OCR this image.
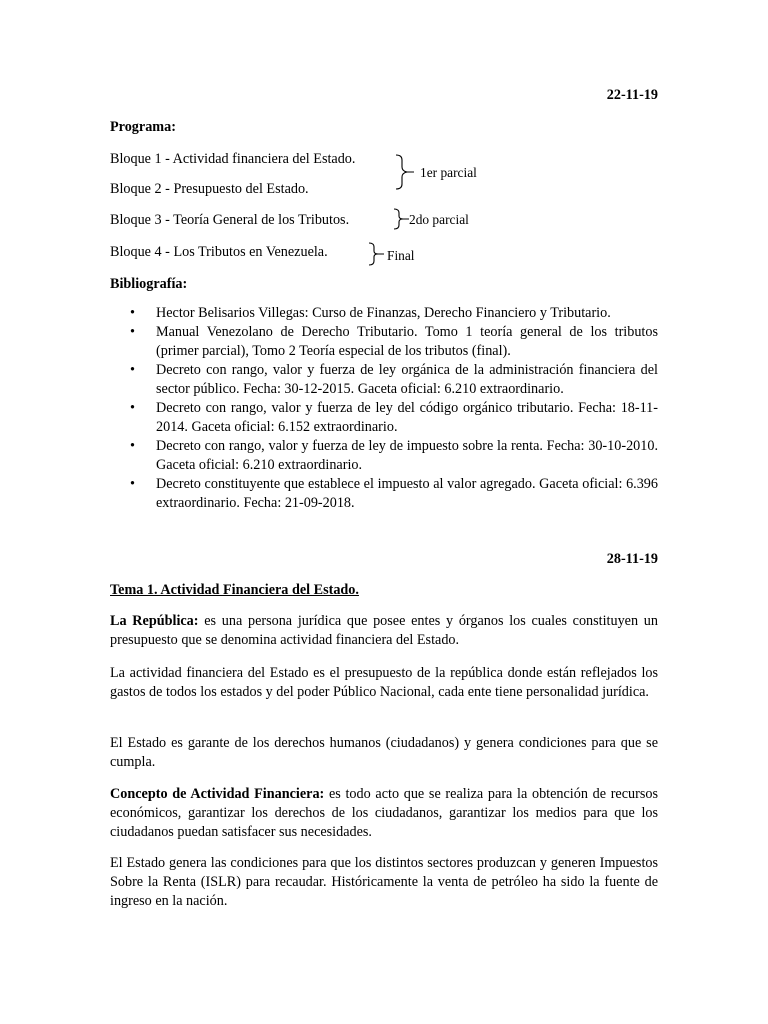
22-11-19
Programa:
Bloque 1 - Actividad financiera del Estado.
Bloque 2 - Presupuesto del Estado.
Bloque 3 - Teoría General de los Tributos.
Bloque 4 - Los Tributos en Venezuela.
1er parcial
2do parcial
Final
Bibliografía:
• Hector Belisarios Villegas: Curso de Finanzas, Derecho Financiero y Tributario.
• Manual Venezolano de Derecho Tributario. Tomo 1 teoría general de los tributos (primer parcial), Tomo 2 Teoría especial de los tributos (final).
• Decreto con rango, valor y fuerza de ley orgánica de la administración financiera del sector público. Fecha: 30-12-2015. Gaceta oficial: 6.210 extraordinario.
• Decreto con rango, valor y fuerza de ley del código orgánico tributario. Fecha: 18-11-2014. Gaceta oficial: 6.152 extraordinario.
• Decreto con rango, valor y fuerza de ley de impuesto sobre la renta. Fecha: 30-10-2010. Gaceta oficial: 6.210 extraordinario.
• Decreto constituyente que establece el impuesto al valor agregado. Gaceta oficial: 6.396 extraordinario. Fecha: 21-09-2018.
28-11-19
Tema 1. Actividad Financiera del Estado.

La República: es una persona jurídica que posee entes y órganos los cuales constituyen un presupuesto que se denomina actividad financiera del Estado.

La actividad financiera del Estado es el presupuesto de la república donde están reflejados los gastos de todos los estados y del poder Público Nacional, cada ente tiene personalidad jurídica.

El Estado es garante de los derechos humanos (ciudadanos) y genera condiciones para que se cumpla.

Concepto de Actividad Financiera: es todo acto que se realiza para la obtención de recursos económicos, garantizar los derechos de los ciudadanos, garantizar los medios para que los ciudadanos puedan satisfacer sus necesidades.

El Estado genera las condiciones para que los distintos sectores produzcan y generen Impuestos Sobre la Renta (ISLR) para recaudar. Históricamente la venta de petróleo ha sido la fuente de ingreso en la nación.
